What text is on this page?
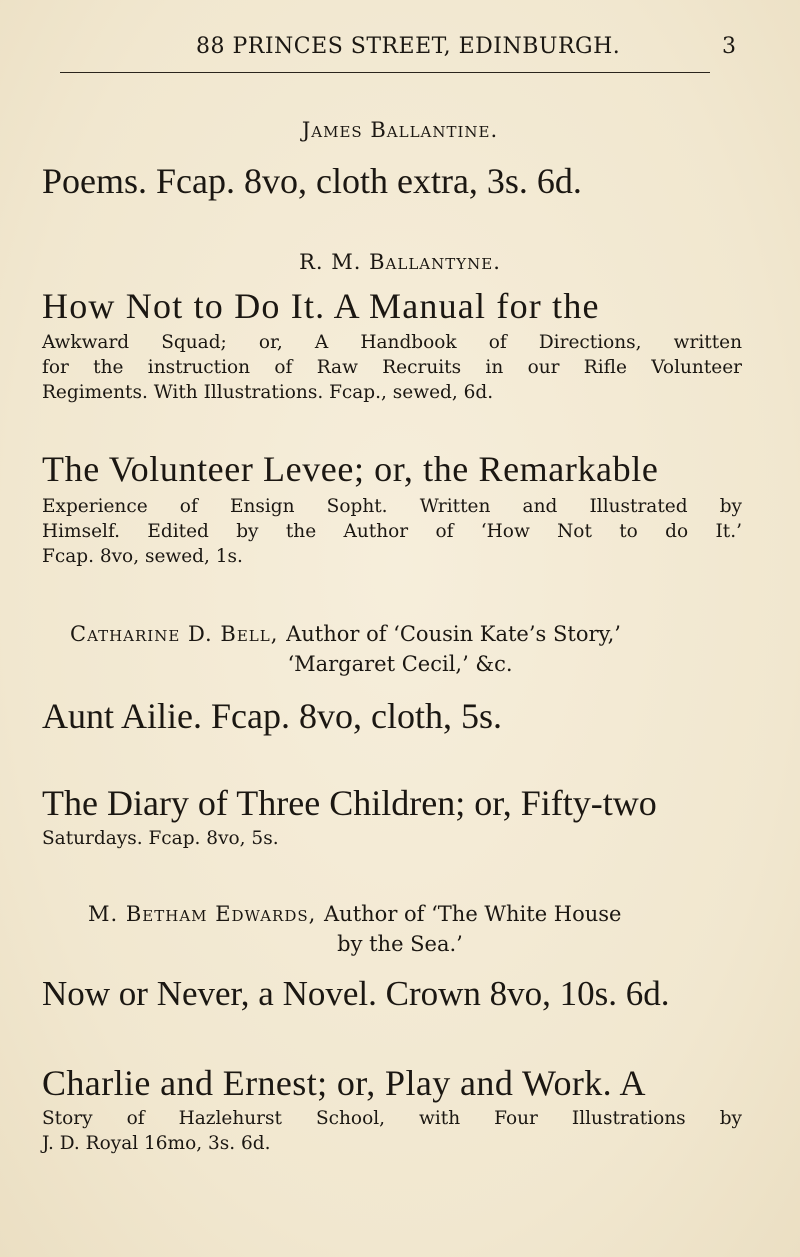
88 PRINCES STREET, EDINBURGH.	3
James Ballantine.
Poems. Fcap. 8vo, cloth extra, 3s. 6d.
R. M. Ballantyne.
How Not to Do It. A Manual for the
Awkward Squad; or, A Handbook of Directions, written
for the instruction of Raw Recruits in our Rifle Volunteer
Regiments. With Illustrations. Fcap., sewed, 6d.
The Volunteer Levee; or, the Remarkable
Experience of Ensign Sopht. Written and Illustrated by
Himself. Edited by the Author of ‘How Not to do It.’
Fcap. 8vo, sewed, 1s.
Catharine D. Bell, Author of ‘Cousin Kate’s Story,’
‘Margaret Cecil,’ &c.
Aunt Ailie. Fcap. 8vo, cloth, 5s.
The Diary of Three Children; or, Fifty-two
Saturdays. Fcap. 8vo, 5s.
M. Betham Edwards, Author of ‘The White House
by the Sea.’
Now or Never, a Novel. Crown 8vo, 10s. 6d.
Charlie and Ernest; or, Play and Work. A
Story of Hazlehurst School, with Four Illustrations by
J. D. Royal 16mo, 3s. 6d.
